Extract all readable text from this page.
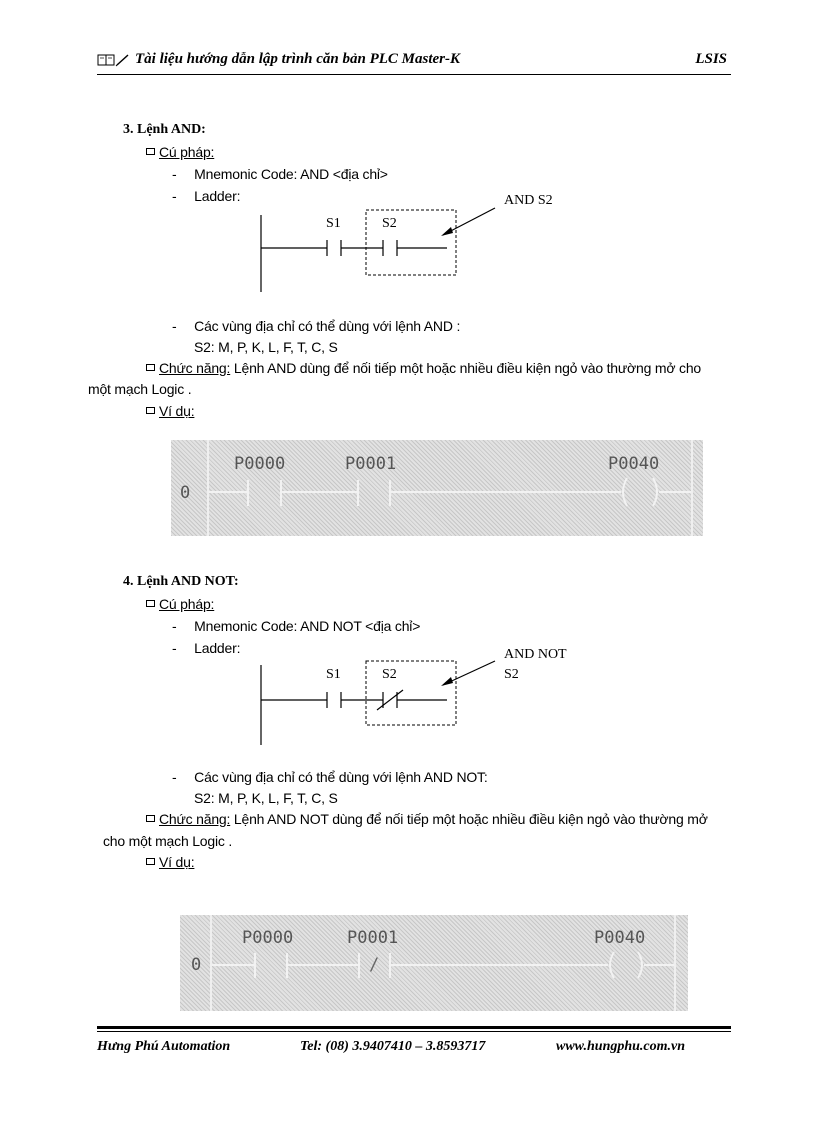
Tài liệu hướng dẫn lập trình căn bản PLC Master-K	LSIS
3. Lệnh AND:
Cú pháp:
- Mnemonic Code: AND <địa chỉ>
- Ladder:
S1	S2
AND S2
- Các vùng địa chỉ có thể dùng với lệnh AND :
S2: M, P, K, L, F, T, C, S
Chức năng: Lệnh AND dùng để nối tiếp một hoặc nhiều điều kiện ngỏ vào thường mở cho
một mạch Logic .
Ví dụ:
0
P0000	P0001	P0040
4. Lệnh AND NOT:
Cú pháp:
- Mnemonic Code: AND NOT <địa chỉ>
- Ladder:
S1	S2
AND NOT
S2
- Các vùng địa chỉ có thể dùng với lệnh AND NOT:
S2: M, P, K, L, F, T, C, S
Chức năng: Lệnh AND NOT dùng để nối tiếp một hoặc nhiều điều kiện ngỏ vào thường mở
cho một mạch Logic .
Ví dụ:
0
P0000	P0001	P0040
/
Hưng Phú Automation	Tel: (08) 3.9407410 – 3.8593717	www.hungphu.com.vn
